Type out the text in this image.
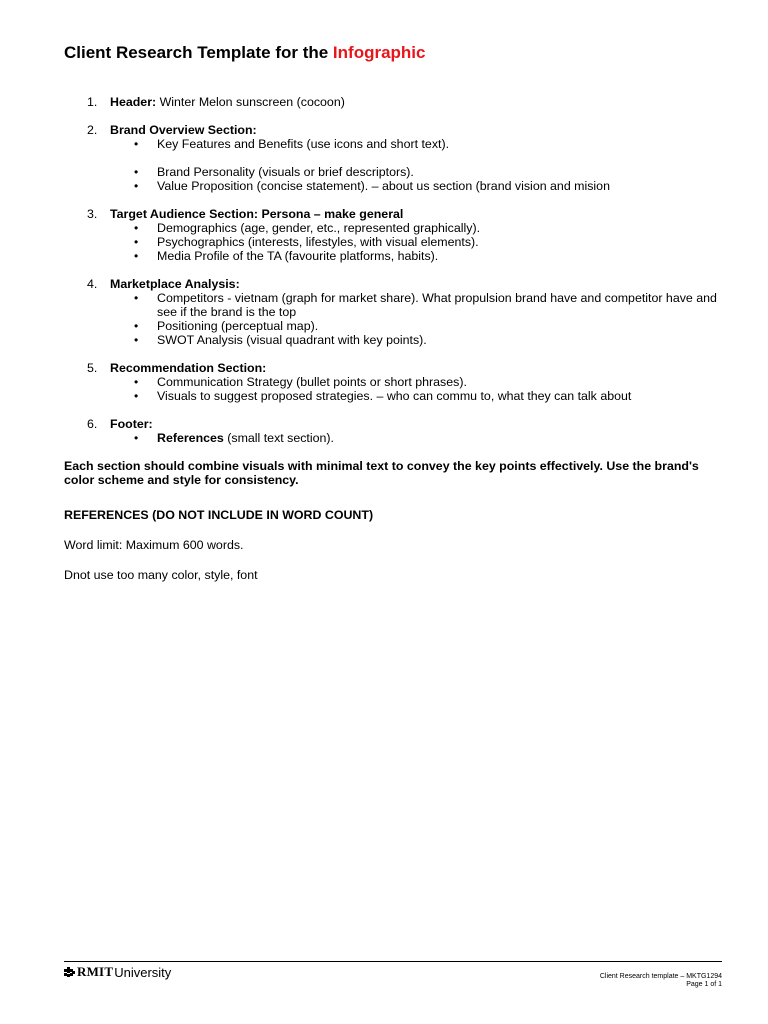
Client Research Template for the Infographic
1. Header: Winter Melon sunscreen (cocoon)
2. Brand Overview Section:
• Key Features and Benefits (use icons and short text).
• Brand Personality (visuals or brief descriptors).
• Value Proposition (concise statement). – about us section (brand vision and mision
3. Target Audience Section: Persona – make general
• Demographics (age, gender, etc., represented graphically).
• Psychographics (interests, lifestyles, with visual elements).
• Media Profile of the TA (favourite platforms, habits).
4. Marketplace Analysis:
• Competitors - vietnam (graph for market share). What propulsion brand have and competitor have and see if the brand is the top
• Positioning (perceptual map).
• SWOT Analysis (visual quadrant with key points).
5. Recommendation Section:
• Communication Strategy (bullet points or short phrases).
• Visuals to suggest proposed strategies. – who can commu to, what they can talk about
6. Footer:
• References (small text section).
Each section should combine visuals with minimal text to convey the key points effectively. Use the brand's color scheme and style for consistency.
REFERENCES (DO NOT INCLUDE IN WORD COUNT)
Word limit: Maximum 600 words.
Dnot use too many color, style, font
RMIT University	Client Research template – MKTG1294
Page 1 of 1
